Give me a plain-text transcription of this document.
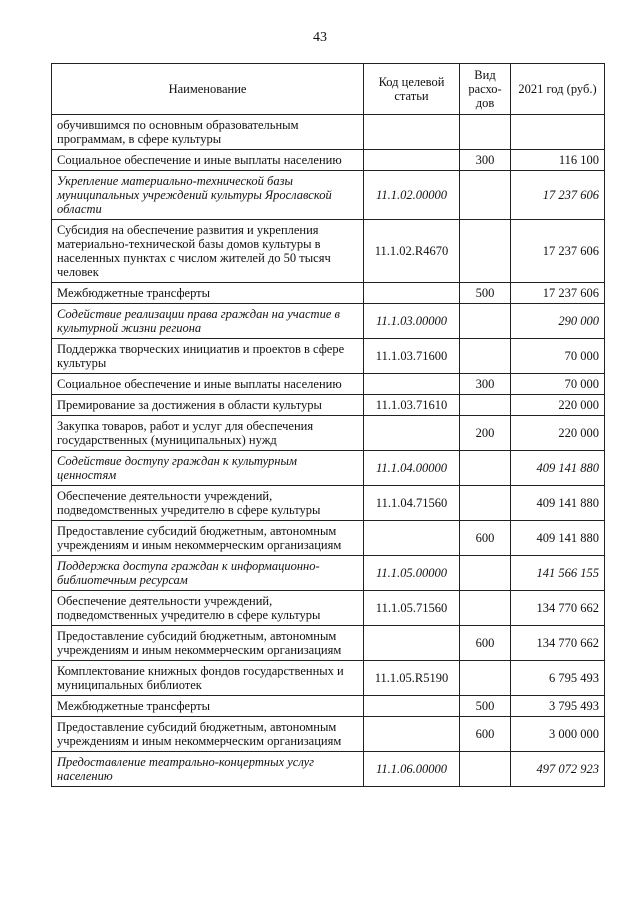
43
Наименование	Код целевой статьи	Вид расхо-дов	2021 год (руб.)
обучившимся по основным образовательным программам, в сфере культуры			
Социальное обеспечение и иные выплаты населению		300	116 100
Укрепление материально-технической базы муниципальных учреждений культуры Ярославской области	11.1.02.00000		17 237 606
Субсидия на обеспечение развития и укрепления материально-технической базы домов культуры в населенных пунктах с числом жителей до 50 тысяч человек	11.1.02.R4670		17 237 606
Межбюджетные трансферты		500	17 237 606
Содействие реализации права граждан на участие в культурной жизни региона	11.1.03.00000		290 000
Поддержка творческих инициатив и проектов в сфере культуры	11.1.03.71600		70 000
Социальное обеспечение и иные выплаты населению		300	70 000
Премирование за достижения в области культуры	11.1.03.71610		220 000
Закупка товаров, работ и услуг для обеспечения государственных (муниципальных) нужд		200	220 000
Содействие доступу граждан к культурным ценностям	11.1.04.00000		409 141 880
Обеспечение деятельности учреждений, подведомственных учредителю в сфере культуры	11.1.04.71560		409 141 880
Предоставление субсидий бюджетным, автономным учреждениям и иным некоммерческим организациям		600	409 141 880
Поддержка доступа граждан к информационно-библиотечным ресурсам	11.1.05.00000		141 566 155
Обеспечение деятельности учреждений, подведомственных учредителю в сфере культуры	11.1.05.71560		134 770 662
Предоставление субсидий бюджетным, автономным учреждениям и иным некоммерческим организациям		600	134 770 662
Комплектование книжных фондов государственных и муниципальных библиотек	11.1.05.R5190		6 795 493
Межбюджетные трансферты		500	3 795 493
Предоставление субсидий бюджетным, автономным учреждениям и иным некоммерческим организациям		600	3 000 000
Предоставление театрально-концертных услуг населению	11.1.06.00000		497 072 923
